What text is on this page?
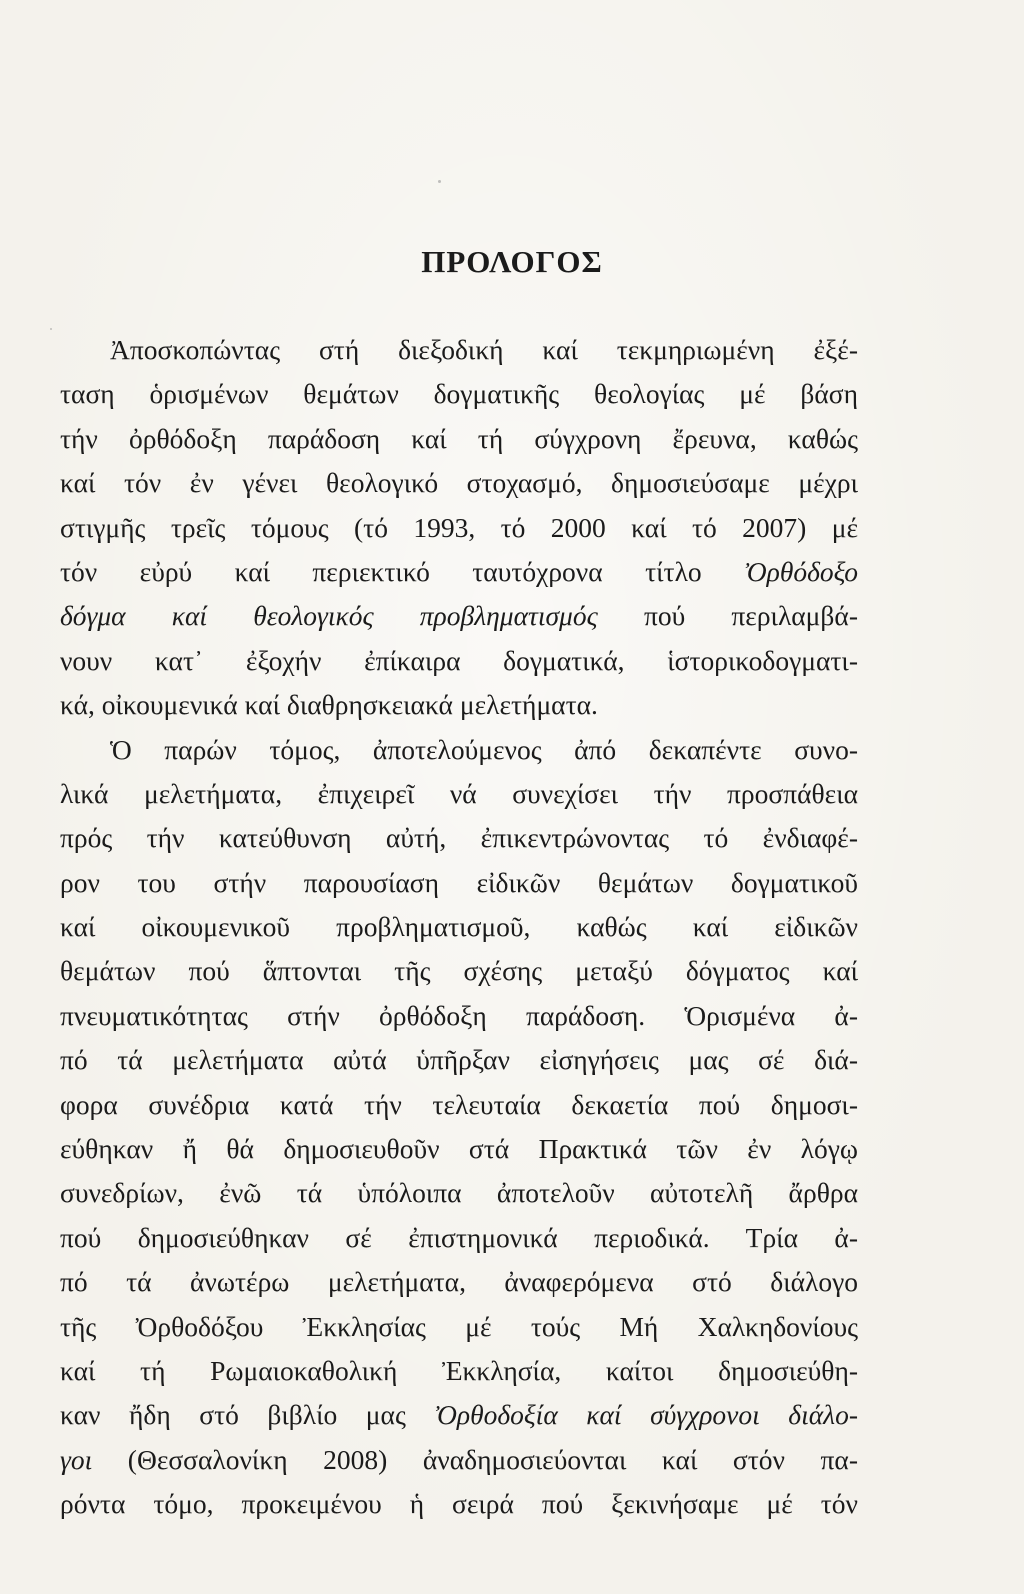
ΠΡΟΛΟΓΟΣ
Ἀποσκοπώντας στή διεξοδική καί τεκμηριωμένη ἐξέ-
ταση ὁρισμένων θεμάτων δογματικῆς θεολογίας μέ βάση
τήν ὀρθόδοξη παράδοση καί τή σύγχρονη ἔρευνα, καθώς
καί τόν ἐν γένει θεολογικό στοχασμό, δημοσιεύσαμε μέχρι
στιγμῆς τρεῖς τόμους (τό 1993, τό 2000 καί τό 2007) μέ
τόν εὐρύ καί περιεκτικό ταυτόχρονα τίτλο Ὀρθόδοξο
δόγμα καί θεολογικός προβληματισμός πού περιλαμβά-
νουν κατ᾽ ἐξοχήν ἐπίκαιρα δογματικά, ἱστορικοδογματι-
κά, οἰκουμενικά καί διαθρησκειακά μελετήματα.
Ὁ παρών τόμος, ἀποτελούμενος ἀπό δεκαπέντε συνο-
λικά μελετήματα, ἐπιχειρεῖ νά συνεχίσει τήν προσπάθεια
πρός τήν κατεύθυνση αὐτή, ἐπικεντρώνοντας τό ἐνδιαφέ-
ρον του στήν παρουσίαση εἰδικῶν θεμάτων δογματικοῦ
καί οἰκουμενικοῦ προβληματισμοῦ, καθώς καί εἰδικῶν
θεμάτων πού ἅπτονται τῆς σχέσης μεταξύ δόγματος καί
πνευματικότητας στήν ὀρθόδοξη παράδοση. Ὁρισμένα ἀ-
πό τά μελετήματα αὐτά ὑπῆρξαν εἰσηγήσεις μας σέ διά-
φορα συνέδρια κατά τήν τελευταία δεκαετία πού δημοσι-
εύθηκαν ἤ θά δημοσιευθοῦν στά Πρακτικά τῶν ἐν λόγῳ
συνεδρίων, ἐνῶ τά ὑπόλοιπα ἀποτελοῦν αὐτοτελῆ ἄρθρα
πού δημοσιεύθηκαν σέ ἐπιστημονικά περιοδικά. Τρία ἀ-
πό τά ἀνωτέρω μελετήματα, ἀναφερόμενα στό διάλογο
τῆς Ὀρθοδόξου Ἐκκλησίας μέ τούς Μή Χαλκηδονίους
καί τή Ρωμαιοκαθολική Ἐκκλησία, καίτοι δημοσιεύθη-
καν ἤδη στό βιβλίο μας Ὀρθοδοξία καί σύγχρονοι διάλο-
γοι (Θεσσαλονίκη 2008) ἀναδημοσιεύονται καί στόν πα-
ρόντα τόμο, προκειμένου ἡ σειρά πού ξεκινήσαμε μέ τόν
